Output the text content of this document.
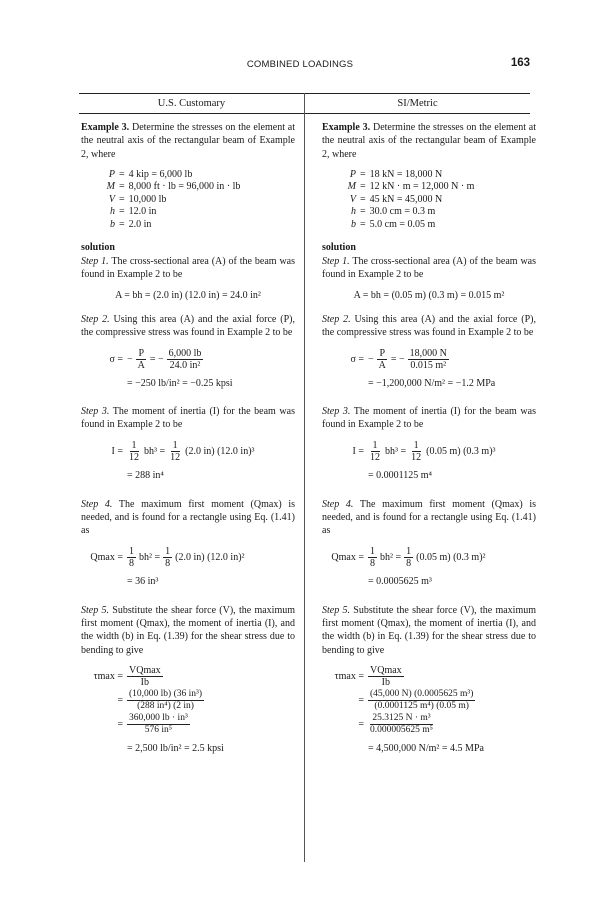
COMBINED LOADINGS	163
U.S. Customary	SI/Metric

Example 3. Determine the stresses on the element at the neutral axis of the rectangular beam of Example 2, where

P = 4 kip = 6,000 lb
M = 8,000 ft · lb = 96,000 in · lb
V = 10,000 lb
h = 12.0 in
b = 2.0 in

solution

Step 1. The cross-sectional area (A) of the beam was found in Example 2 to be

A = bh = (2.0 in) (12.0 in) = 24.0 in²

Step 2. Using this area (A) and the axial force (P), the compressive stress was found in Example 2 to be

σ = − $\frac{P}{A}$ = − $\frac{6,000 lb}{\text{24.0 in²}}$
= −250 lb/in² = −0.25 kpsi

Step 3. The moment of inertia (I) for the beam was found in Example 2 to be

$I = \frac{1}{12} bh^3 = \frac{1}{12} (2.0$ in) (12.0 in)³
= 288 in⁴

Step 4. The maximum first moment (Qmax) is needed, and is found for a rectangle using Eq. (1.41) as

$Qmax = \frac{1}{8} bh^2 = \frac{1}{8} (2.0$ in) (12.0 in)²
= 36 in³

Step 5. Substitute the shear force (V), the maximum first moment (Qmax), the moment of inertia (I), and the width (b) in Eq. (1.39) for the shear stress due to bending to give

$\tau\max = \frac{VQmax}{Ib}$
= $\frac{\text{(10,000 lb) (36 in³)}}{\text{(288 in⁴) (2 in)}}$
= $\frac{\text{360,000 lb · in³}}{\text{576 in⁵}}$
= 2,500 lb/in² = 2.5 kpsi

Example 3. Determine the stresses on the element at the neutral axis of the rectangular beam of Example 2, where

P = 18 kN = 18,000 N
M = 12 kN · m = 12,000 N · m
V = 45 kN = 45,000 N
h = 30.0 cm = 0.3 m
b = 5.0 cm = 0.05 m

solution

Step 1. The cross-sectional area (A) of the beam was found in Example 2 to be

A = bh = (0.05 m) (0.3 m) = 0.015 m²

Step 2. Using this area (A) and the axial force (P), the compressive stress was found in Example 2 to be

σ = − $\frac{P}{A}$ = − $\frac{18,000 N}{\text{0.015 m²}}$
= −1,200,000 N/m² = −1.2 MPa

Step 3. The moment of inertia (I) for the beam was found in Example 2 to be

$I = \frac{1}{12} bh^3 = \frac{1}{12} (0.05$ m) (0.3 m)³
= 0.0001125 m⁴

Step 4. The maximum first moment (Qmax) is needed, and is found for a rectangle using Eq. (1.41) as

$Qmax = \frac{1}{8} bh^2 = \frac{1}{8} (0.05$ m) (0.3 m)²
= 0.0005625 m³

Step 5. Substitute the shear force (V), the maximum first moment (Qmax), the moment of inertia (I), and the width (b) in Eq. (1.39) for the shear stress due to bending to give

$\tau\max = \frac{VQmax}{Ib}$
= $\frac{\text{(45,000 N) (0.0005625 m³)}}{\text{(0.0001125 m⁴) (0.05 m)}}$
= $\frac{\text{25.3125 N · m³}}{\text{0.000005625 m⁵}}$
= 4,500,000 N/m² = 4.5 MPa
